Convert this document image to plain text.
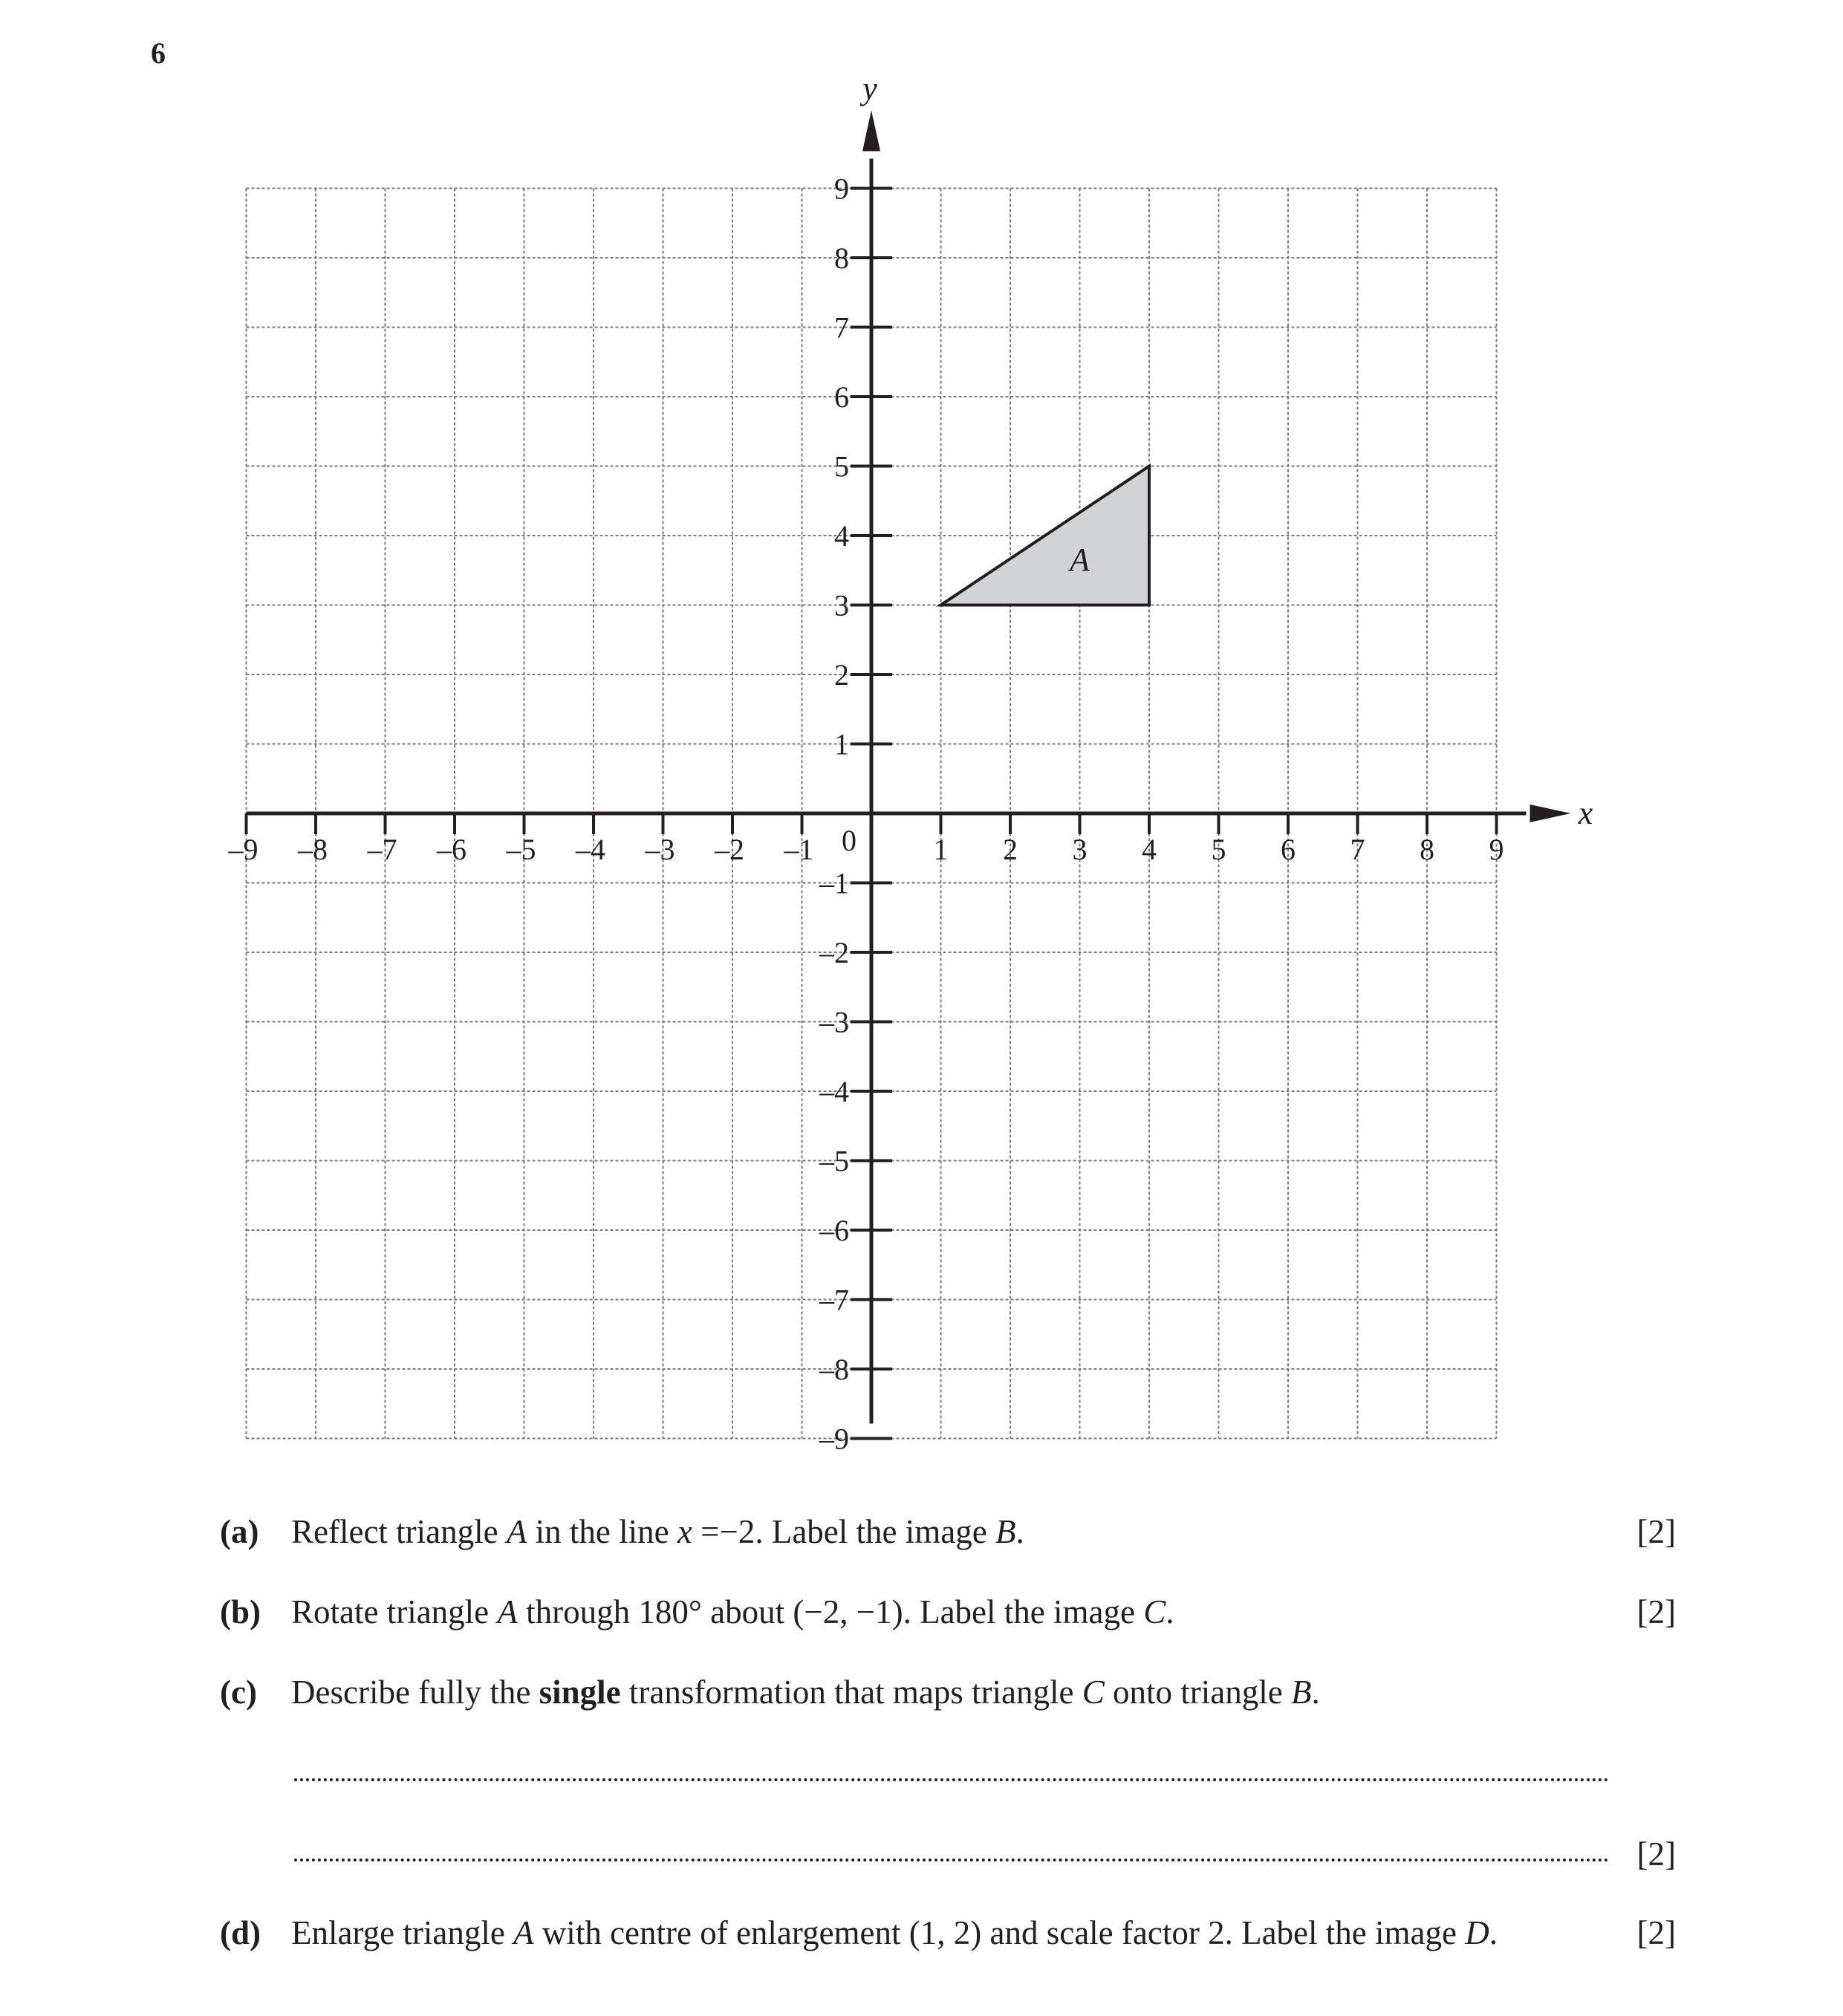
6
A
–9 –8 –7 –6 –5 –4 –3 –2 –1	1 2 3 4 5 6 7 8 9
9
8
7
6
5
4
3
2
1
–1
–2
–3
–4
–5
–6
–7
–8
–9
0
x
y
(a) Reflect triangle A in the line x =−2. Label the image B.	[2]
(b) Rotate triangle A through 180° about (−2, −1). Label the image C.	[2]
(c) Describe fully the single transformation that maps triangle C onto triangle B.
[2]
(d) Enlarge triangle A with centre of enlargement (1, 2) and scale factor 2. Label the image D.	[2]
